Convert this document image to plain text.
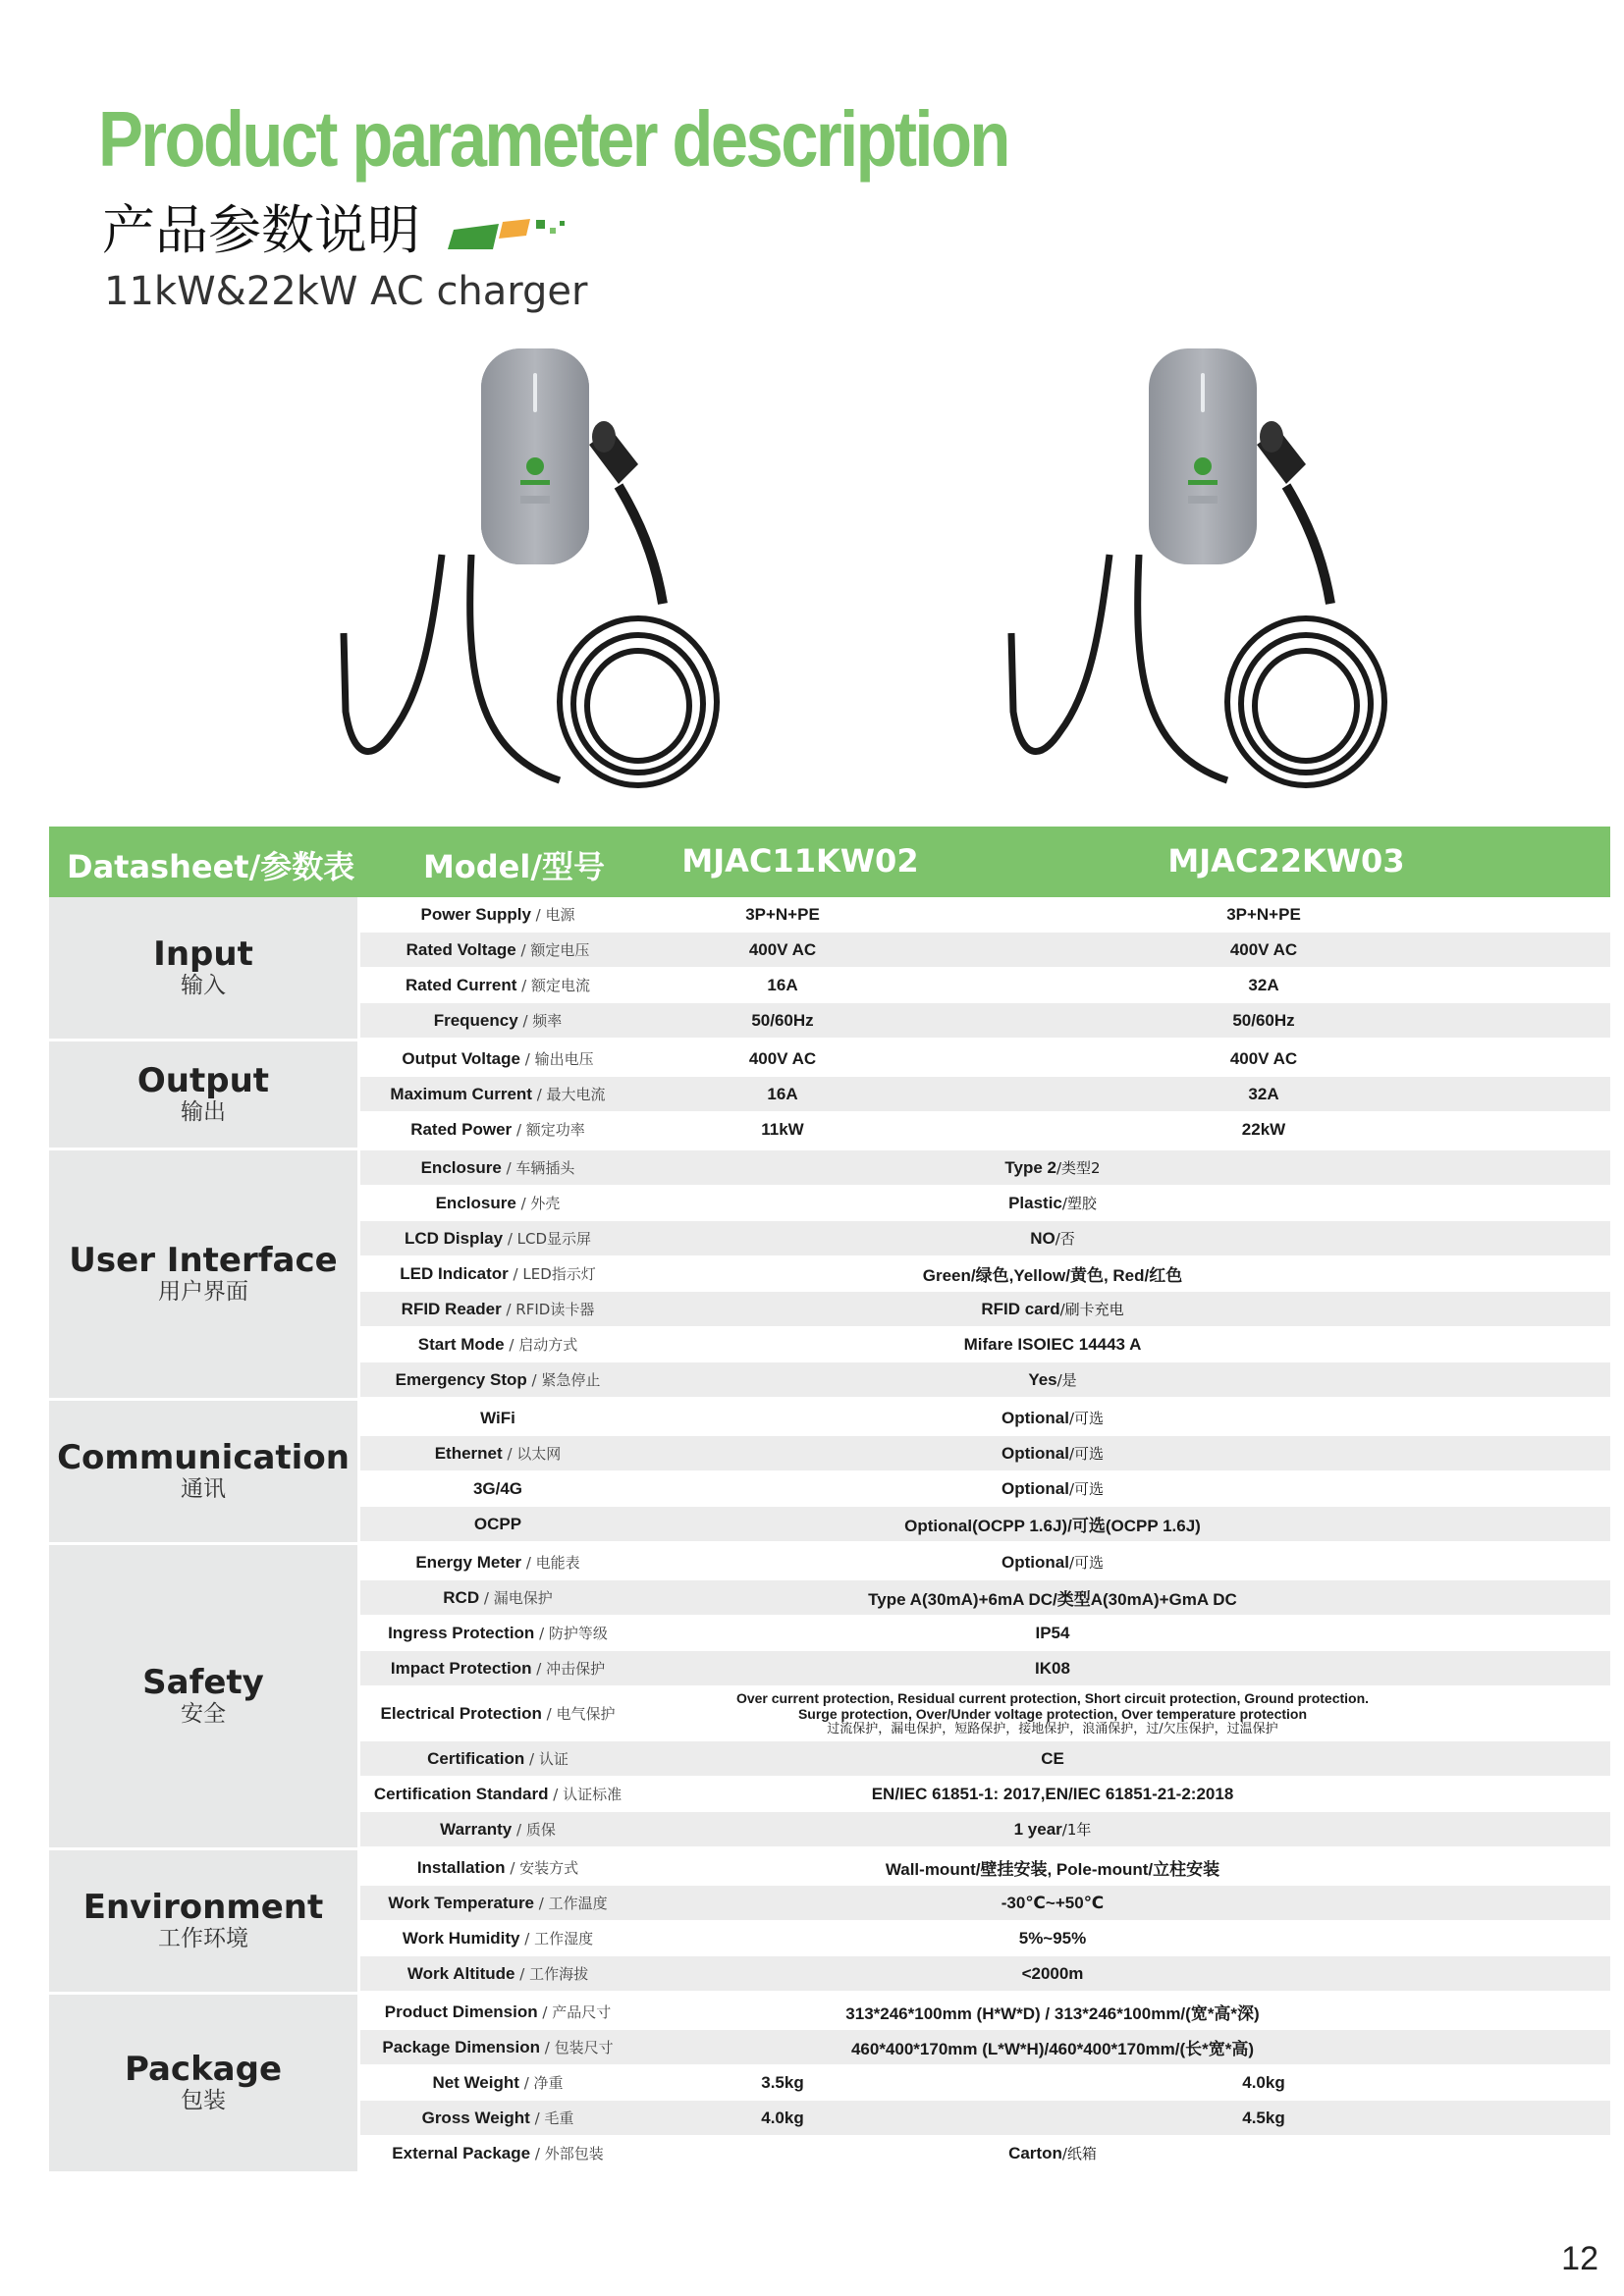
Product parameter description
产品参数说明
11kW&22kW AC charger
Datasheet/参数表	Model/型号	MJAC11KW02	MJAC22KW03
Input
输入
Power Supply / 电源	3P+N+PE	3P+N+PE
Rated Voltage / 额定电压	400V AC	400V AC
Rated Current / 额定电流	16A	32A
Frequency / 频率	50/60Hz	50/60Hz
Output
输出
Output Voltage / 输出电压	400V AC	400V AC
Maximum Current / 最大电流	16A	32A
Rated Power / 额定功率	11kW	22kW
User Interface
用户界面
Enclosure / 车辆插头	Type 2/类型2
Enclosure / 外壳	Plastic/塑胶
LCD Display / LCD显示屏	NO/否
LED Indicator / LED指示灯	Green/绿色,Yellow/黄色, Red/红色
RFID Reader / RFID读卡器	RFID card/刷卡充电
Start Mode / 启动方式	Mifare ISOIEC 14443 A
Emergency Stop / 紧急停止	Yes/是
Communication
通讯
WiFi	Optional/可选
Ethernet / 以太网	Optional/可选
3G/4G	Optional/可选
OCPP	Optional(OCPP 1.6J)/可选(OCPP 1.6J)
Safety
安全
Energy Meter / 电能表	Optional/可选
RCD / 漏电保护	Type A(30mA)+6mA DC/类型A(30mA)+GmA DC
Ingress Protection / 防护等级	IP54
Impact Protection / 冲击保护	IK08
Electrical Protection / 电气保护
Over current protection, Residual current protection, Short circuit protection, Ground protection.
Surge protection, Over/Under voltage protection, Over temperature protection
过流保护，漏电保护，短路保护，接地保护，浪涌保护，过/欠压保护，过温保护
Certification / 认证	CE
Certification Standard / 认证标准	EN/IEC 61851-1: 2017,EN/IEC 61851-21-2:2018
Warranty / 质保	1 year/1年
Environment
工作环境
Installation / 安装方式	Wall-mount/壁挂安装, Pole-mount/立柱安装
Work Temperature / 工作温度	-30℃~+50℃
Work Humidity / 工作湿度	5%~95%
Work Altitude / 工作海拔	<2000m
Package
包装
Product Dimension / 产品尺寸	313*246*100mm (H*W*D) / 313*246*100mm/(宽*高*深)
Package Dimension / 包装尺寸	460*400*170mm (L*W*H)/460*400*170mm/(长*宽*高)
Net Weight / 净重	3.5kg	4.0kg
Gross Weight / 毛重	4.0kg	4.5kg
External Package / 外部包装	Carton/纸箱
12
